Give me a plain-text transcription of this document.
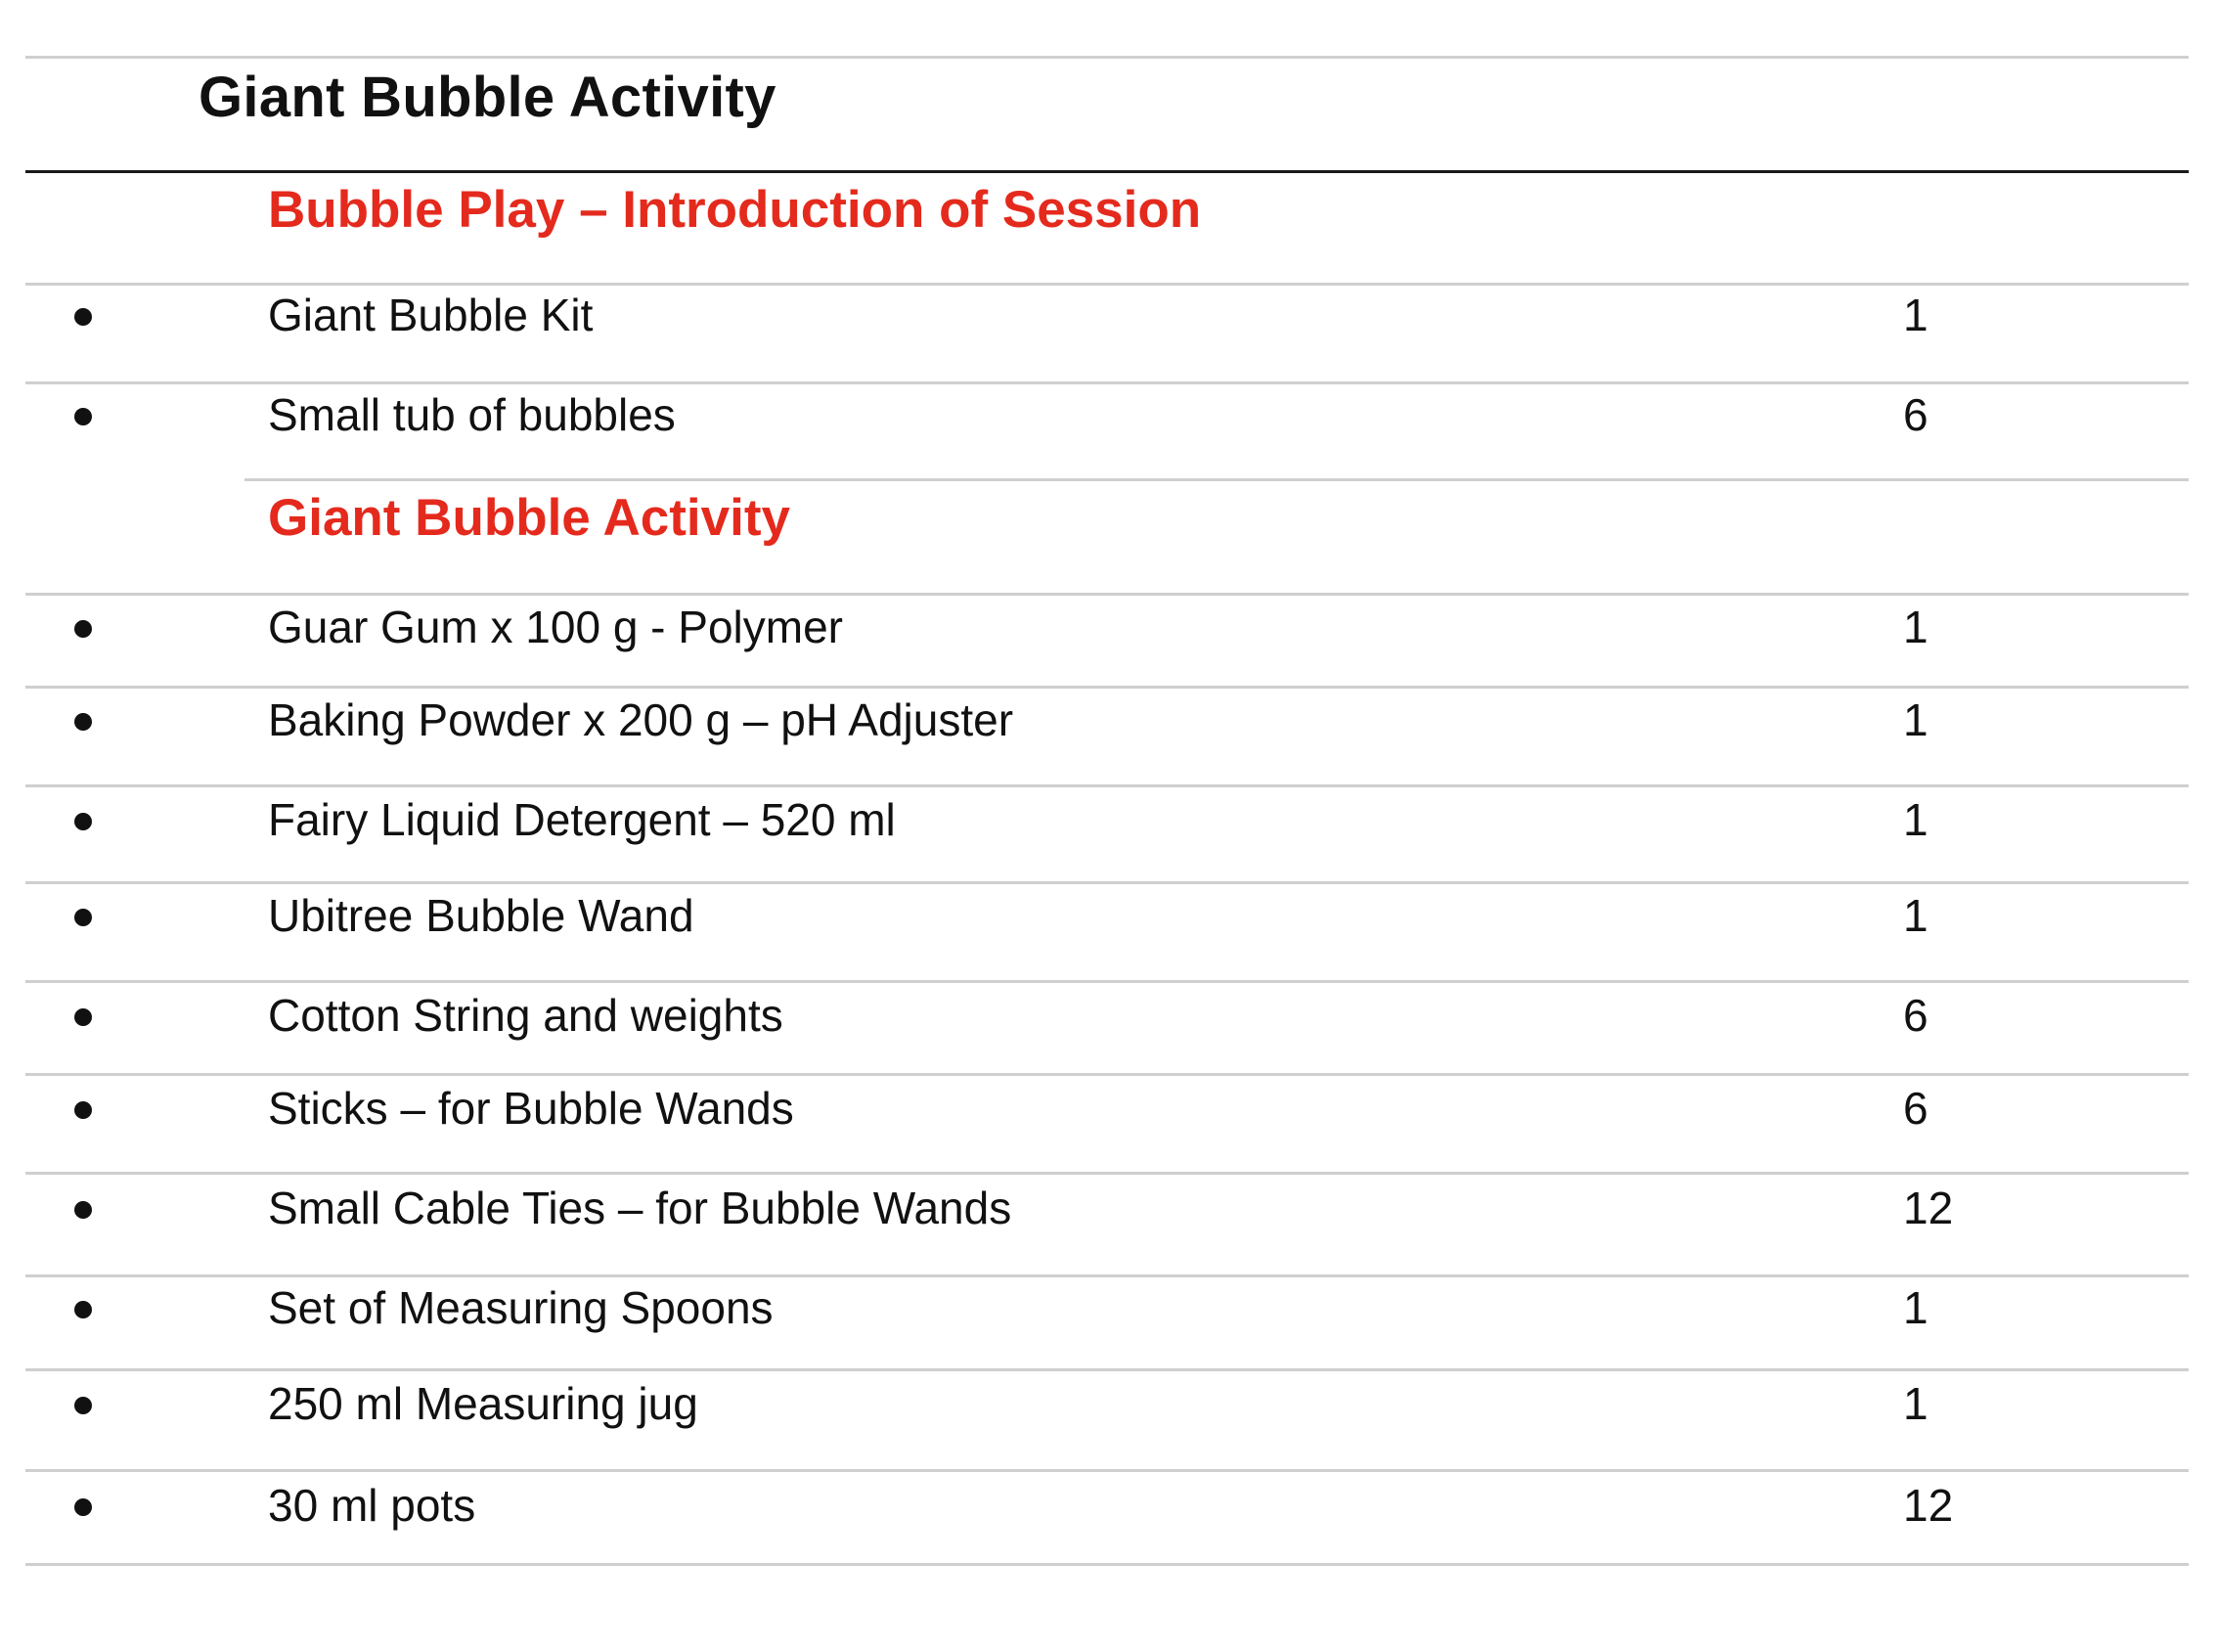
Giant Bubble Activity
Bubble Play – Introduction of Session
Giant Bubble Kit	1
Small tub of bubbles	6
Giant Bubble Activity
Guar Gum x 100 g - Polymer	1
Baking Powder x 200 g – pH Adjuster	1
Fairy Liquid Detergent – 520 ml	1
Ubitree Bubble Wand	1
Cotton String and weights	6
Sticks – for Bubble Wands	6
Small Cable Ties – for Bubble Wands	12
Set of Measuring Spoons	1
250 ml Measuring jug	1
30 ml pots	12
